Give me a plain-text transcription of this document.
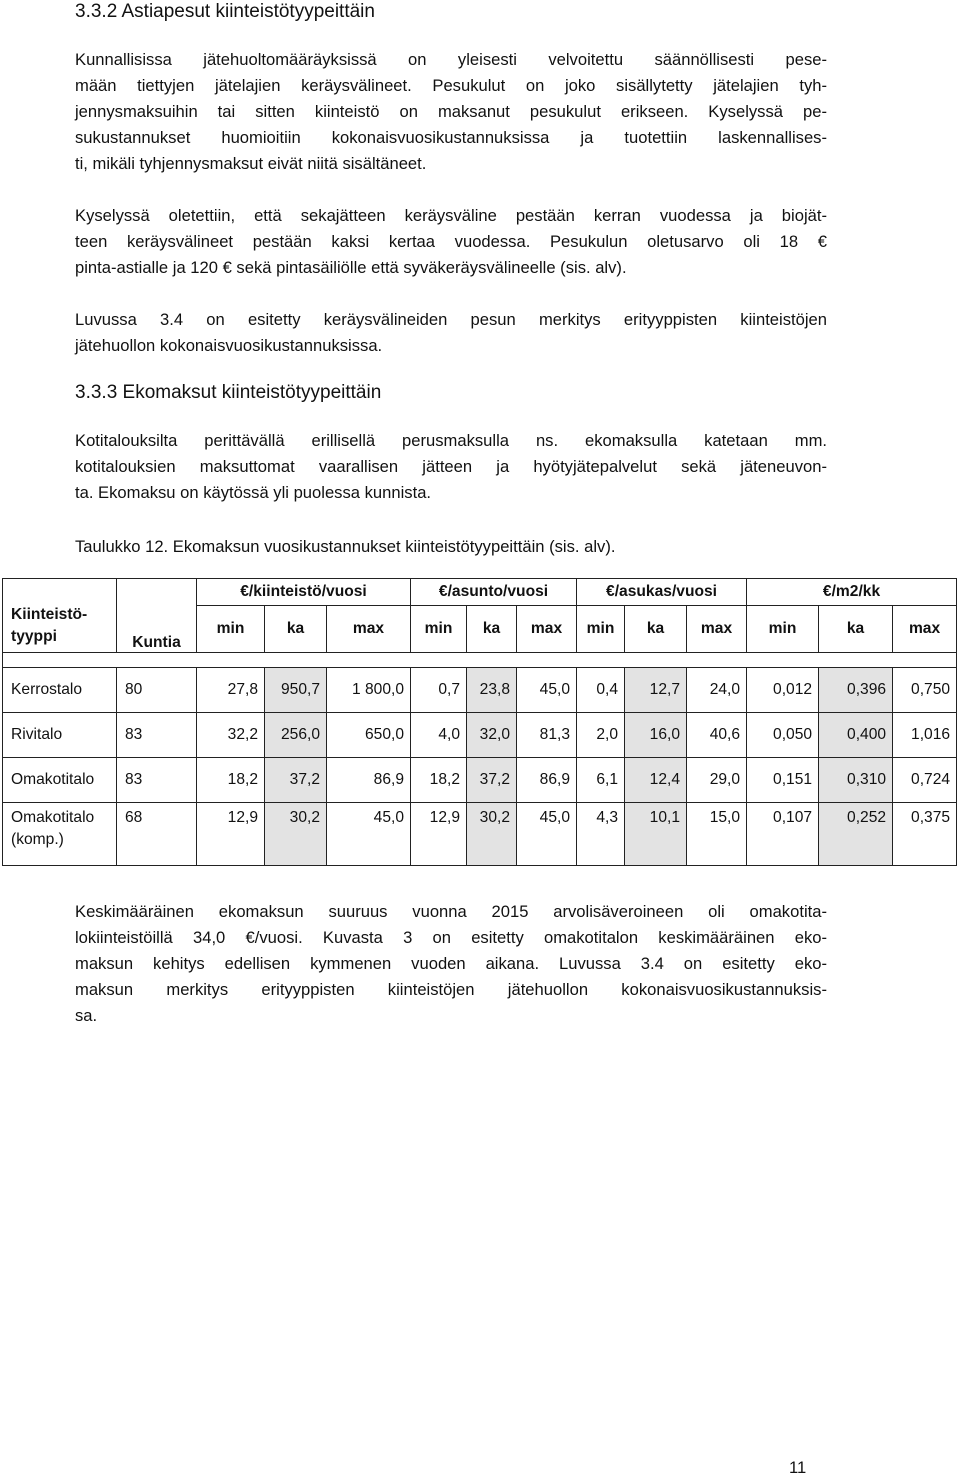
3.3.2 Astiapesut kiinteistötyypeittäin
Kunnallisissa jätehuoltomääräyksissä on yleisesti velvoitettu säännöllisesti pese-
mään tiettyjen jätelajien keräysvälineet. Pesukulut on joko sisällytetty jätelajien tyh-
jennysmaksuihin tai sitten kiinteistö on maksanut pesukulut erikseen. Kyselyssä pe-
sukustannukset huomioitiin kokonaisvuosikustannuksissa ja tuotettiin laskennallises-
ti, mikäli tyhjennysmaksut eivät niitä sisältäneet.
Kyselyssä oletettiin, että sekajätteen keräysväline pestään kerran vuodessa ja biojät-
teen keräysvälineet pestään kaksi kertaa vuodessa. Pesukulun oletusarvo oli 18 €
pinta-astialle ja 120 € sekä pintasäiliölle että syväkeräysvälineelle (sis. alv).
Luvussa 3.4 on esitetty keräysvälineiden pesun merkitys erityyppisten kiinteistöjen
jätehuollon kokonaisvuosikustannuksissa.
3.3.3 Ekomaksut kiinteistötyypeittäin
Kotitalouksilta perittävällä erillisellä perusmaksulla ns. ekomaksulla katetaan mm.
kotitalouksien maksuttomat vaarallisen jätteen ja hyötyjätepalvelut sekä jäteneuvon-
ta. Ekomaksu on käytössä yli puolessa kunnista.
Taulukko 12. Ekomaksun vuosikustannukset kiinteistötyypeittäin (sis. alv).
Kiinteistö- tyyppi	Kuntia	€/kiinteistö/vuosi			€/asunto/vuosi			€/asukas/vuosi			€/m2/kk		
		min	ka	max	min	ka	max	min	ka	max	min	ka	max

Kerrostalo	80	27,8	950,7	1 800,0	0,7	23,8	45,0	0,4	12,7	24,0	0,012	0,396	0,750
Rivitalo	83	32,2	256,0	650,0	4,0	32,0	81,3	2,0	16,0	40,6	0,050	0,400	1,016
Omakotitalo	83	18,2	37,2	86,9	18,2	37,2	86,9	6,1	12,4	29,0	0,151	0,310	0,724
Omakotitalo (komp.)	68	12,9	30,2	45,0	12,9	30,2	45,0	4,3	10,1	15,0	0,107	0,252	0,375
Keskimääräinen ekomaksun suuruus vuonna 2015 arvolisäveroineen oli omakotita-
lokiinteistöillä 34,0 €/vuosi. Kuvasta 3 on esitetty omakotitalon keskimääräinen eko-
maksun kehitys edellisen kymmenen vuoden aikana. Luvussa 3.4 on esitetty eko-
maksun merkitys erityyppisten kiinteistöjen jätehuollon kokonaisvuosikustannuksis-
sa.
11
